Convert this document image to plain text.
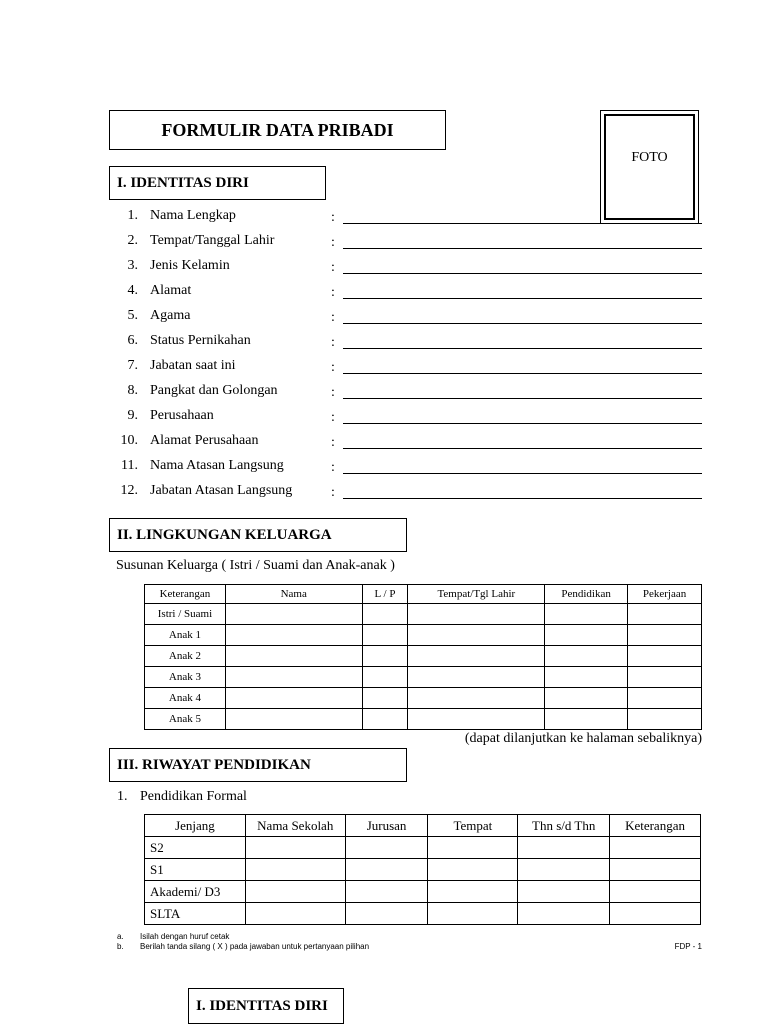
FORMULIR DATA PRIBADI
FOTO
I. IDENTITAS DIRI
1. Nama Lengkap	:
2. Tempat/Tanggal Lahir	:
3. Jenis Kelamin	:
4. Alamat	:
5. Agama	:
6. Status Pernikahan	:
7. Jabatan saat ini	:
8. Pangkat dan Golongan	:
9. Perusahaan	:
10. Alamat Perusahaan	:
11. Nama Atasan Langsung	:
12. Jabatan Atasan Langsung	:
II. LINGKUNGAN KELUARGA
Susunan Keluarga ( Istri / Suami dan Anak-anak )
Keterangan	Nama	L / P	Tempat/Tgl Lahir	Pendidikan	Pekerjaan
Istri / Suami					
Anak 1					
Anak 2					
Anak 3					
Anak 4					
Anak 5					
(dapat dilanjutkan ke halaman sebaliknya)
III. RIWAYAT PENDIDIKAN
1. Pendidikan Formal
Jenjang	Nama Sekolah	Jurusan	Tempat	Thn s/d Thn	Keterangan
S2					
S1					
Akademi/ D3					
SLTA					
a. Isilah dengan huruf cetak
b. Berilah tanda silang ( X ) pada jawaban untuk pertanyaan pilihan	FDP - 1
I. IDENTITAS DIRI
